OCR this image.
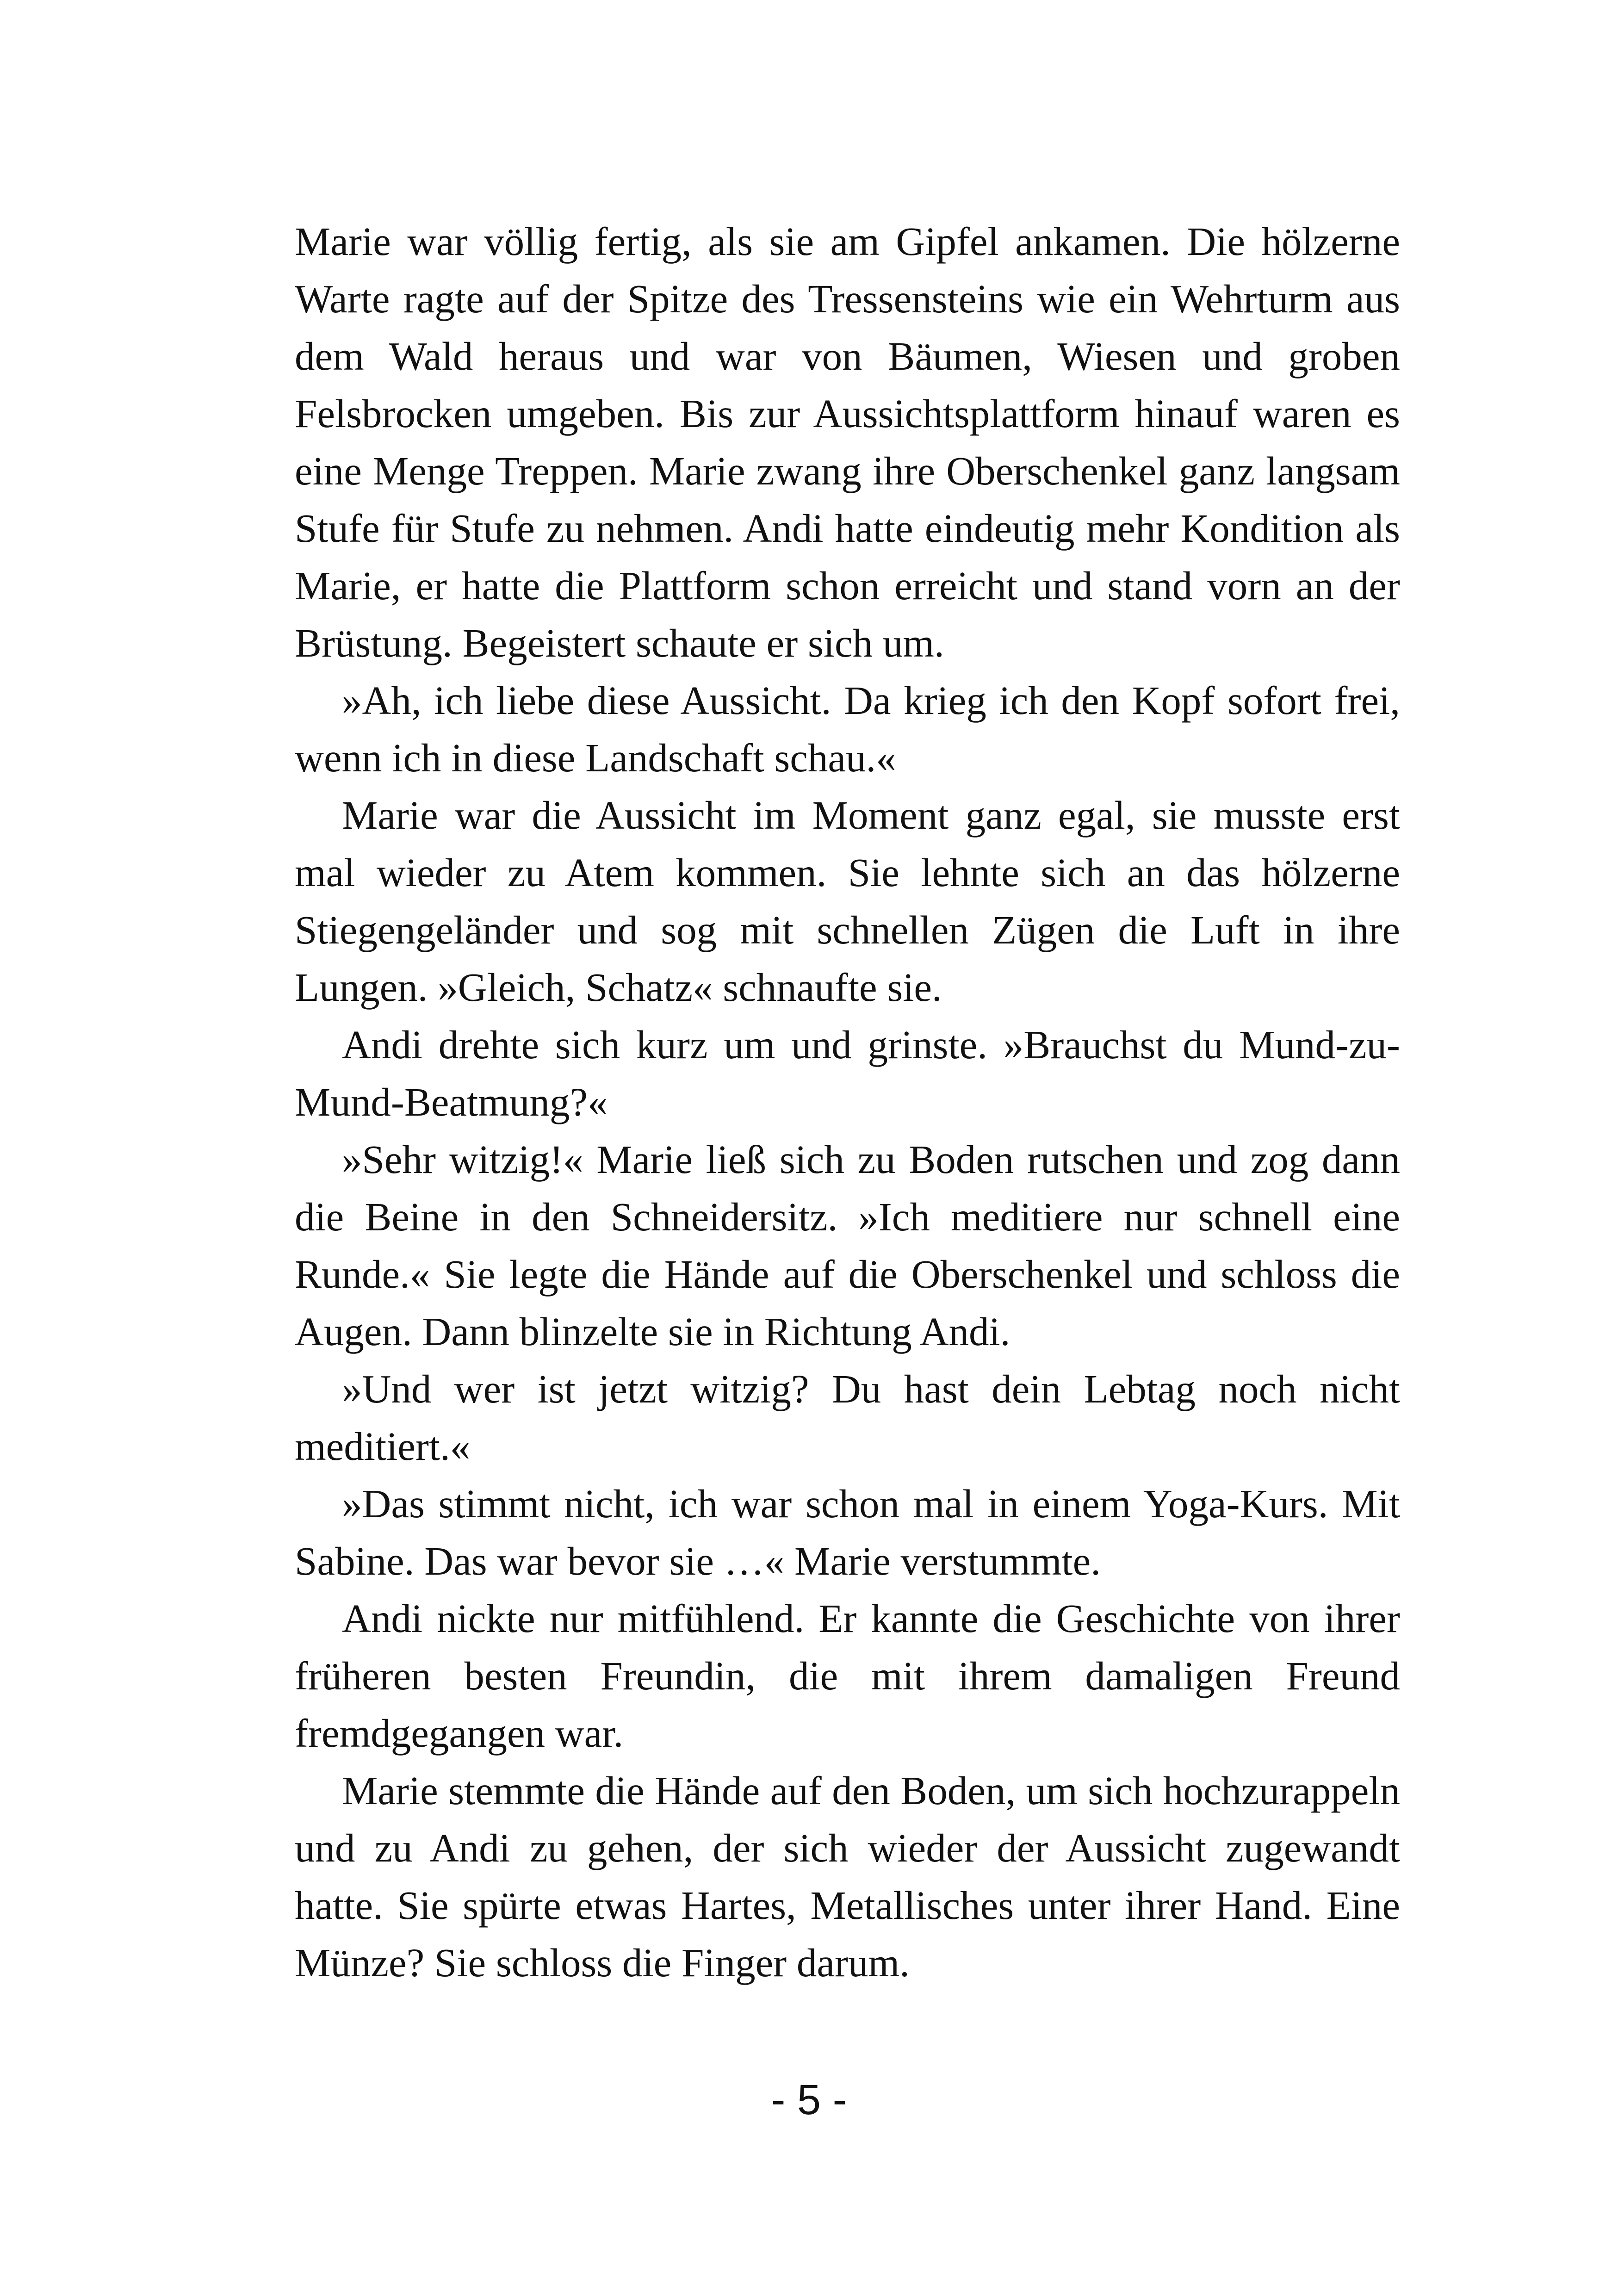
Marie war völlig fertig, als sie am Gipfel ankamen. Die hölzerne Warte ragte auf der Spitze des Tressensteins wie ein Wehrturm aus dem Wald heraus und war von Bäumen, Wiesen und groben Felsbrocken umgeben. Bis zur Aussichtsplattform hinauf waren es eine Menge Treppen. Marie zwang ihre Oberschenkel ganz langsam Stufe für Stufe zu nehmen. Andi hatte eindeutig mehr Kondition als Marie, er hatte die Plattform schon erreicht und stand vorn an der Brüstung. Begeistert schaute er sich um.

»Ah, ich liebe diese Aussicht. Da krieg ich den Kopf sofort frei, wenn ich in diese Landschaft schau.«

Marie war die Aussicht im Moment ganz egal, sie musste erst mal wieder zu Atem kommen. Sie lehnte sich an das hölzerne Stiegengeländer und sog mit schnellen Zügen die Luft in ihre Lungen. »Gleich, Schatz« schnaufte sie.

Andi drehte sich kurz um und grinste. »Brauchst du Mund-zu-Mund-Beatmung?«

»Sehr witzig!« Marie ließ sich zu Boden rutschen und zog dann die Beine in den Schneidersitz. »Ich meditiere nur schnell eine Runde.« Sie legte die Hände auf die Oberschenkel und schloss die Augen. Dann blinzelte sie in Richtung Andi.

»Und wer ist jetzt witzig? Du hast dein Lebtag noch nicht meditiert.«

»Das stimmt nicht, ich war schon mal in einem Yoga-Kurs. Mit Sabine. Das war bevor sie …« Marie verstummte.

Andi nickte nur mitfühlend. Er kannte die Geschichte von ihrer früheren besten Freundin, die mit ihrem damaligen Freund fremdgegangen war.

Marie stemmte die Hände auf den Boden, um sich hochzurappeln und zu Andi zu gehen, der sich wieder der Aussicht zugewandt hatte. Sie spürte etwas Hartes, Metallisches unter ihrer Hand. Eine Münze? Sie schloss die Finger darum.

- 5 -
